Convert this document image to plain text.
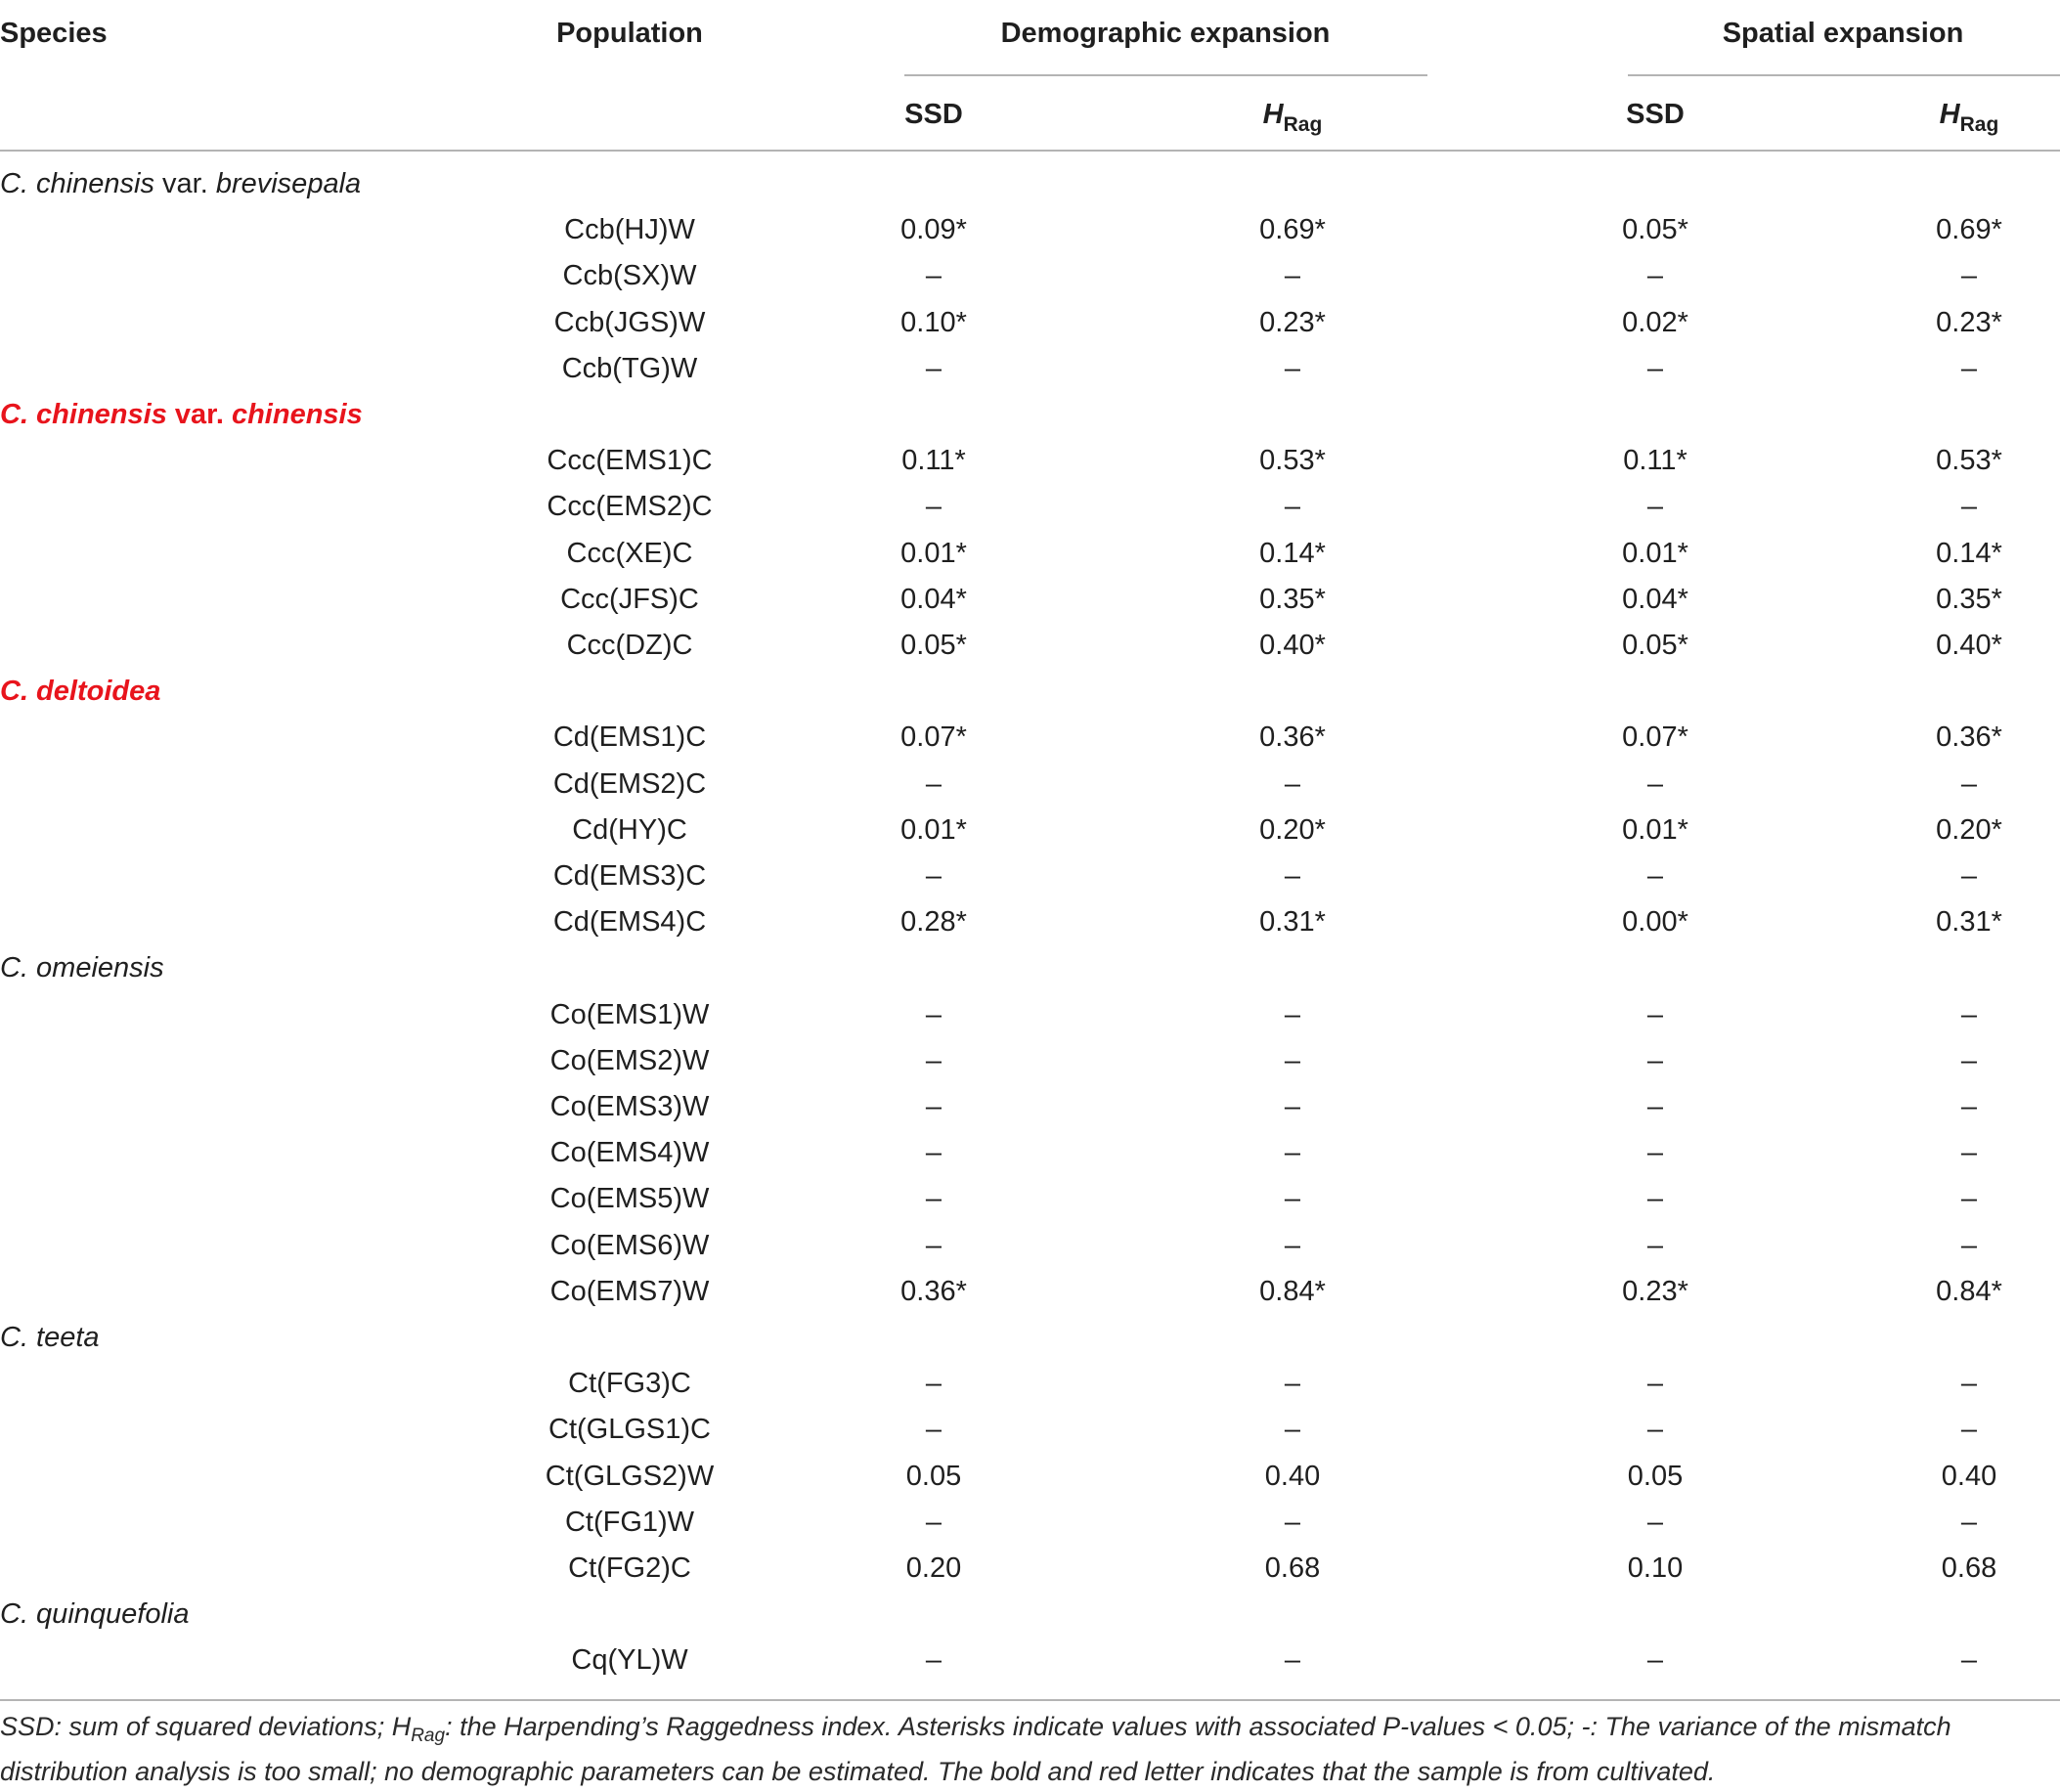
Species	Population	Demographic expansion	Spatial expansion
SSD	$H_{Rag}$	SSD	$H_{Rag}$
C. chinensis var. brevisepala
Ccb(HJ)W	0.09*	0.69*	0.05*	0.69*
Ccb(SX)W	–	–	–	–
Ccb(JGS)W	0.10*	0.23*	0.02*	0.23*
Ccb(TG)W	–	–	–	–
C. chinensis var. chinensis
Ccc(EMS1)C	0.11*	0.53*	0.11*	0.53*
Ccc(EMS2)C	–	–	–	–
Ccc(XE)C	0.01*	0.14*	0.01*	0.14*
Ccc(JFS)C	0.04*	0.35*	0.04*	0.35*
Ccc(DZ)C	0.05*	0.40*	0.05*	0.40*
C. deltoidea
Cd(EMS1)C	0.07*	0.36*	0.07*	0.36*
Cd(EMS2)C	–	–	–	–
Cd(HY)C	0.01*	0.20*	0.01*	0.20*
Cd(EMS3)C	–	–	–	–
Cd(EMS4)C	0.28*	0.31*	0.00*	0.31*
C. omeiensis
Co(EMS1)W	–	–	–	–
Co(EMS2)W	–	–	–	–
Co(EMS3)W	–	–	–	–
Co(EMS4)W	–	–	–	–
Co(EMS5)W	–	–	–	–
Co(EMS6)W	–	–	–	–
Co(EMS7)W	0.36*	0.84*	0.23*	0.84*
C. teeta
Ct(FG3)C	–	–	–	–
Ct(GLGS1)C	–	–	–	–
Ct(GLGS2)W	0.05	0.40	0.05	0.40
Ct(FG1)W	–	–	–	–
Ct(FG2)C	0.20	0.68	0.10	0.68
C. quinquefolia
Cq(YL)W	–	–	–	–
SSD: sum of squared deviations; $H_{Rag}$: the Harpending’s Raggedness index. Asterisks indicate values with associated P-values < 0.05; -: The variance of the mismatch distribution analysis is too small; no demographic parameters can be estimated. The bold and red letter indicates that the sample is from cultivated.
